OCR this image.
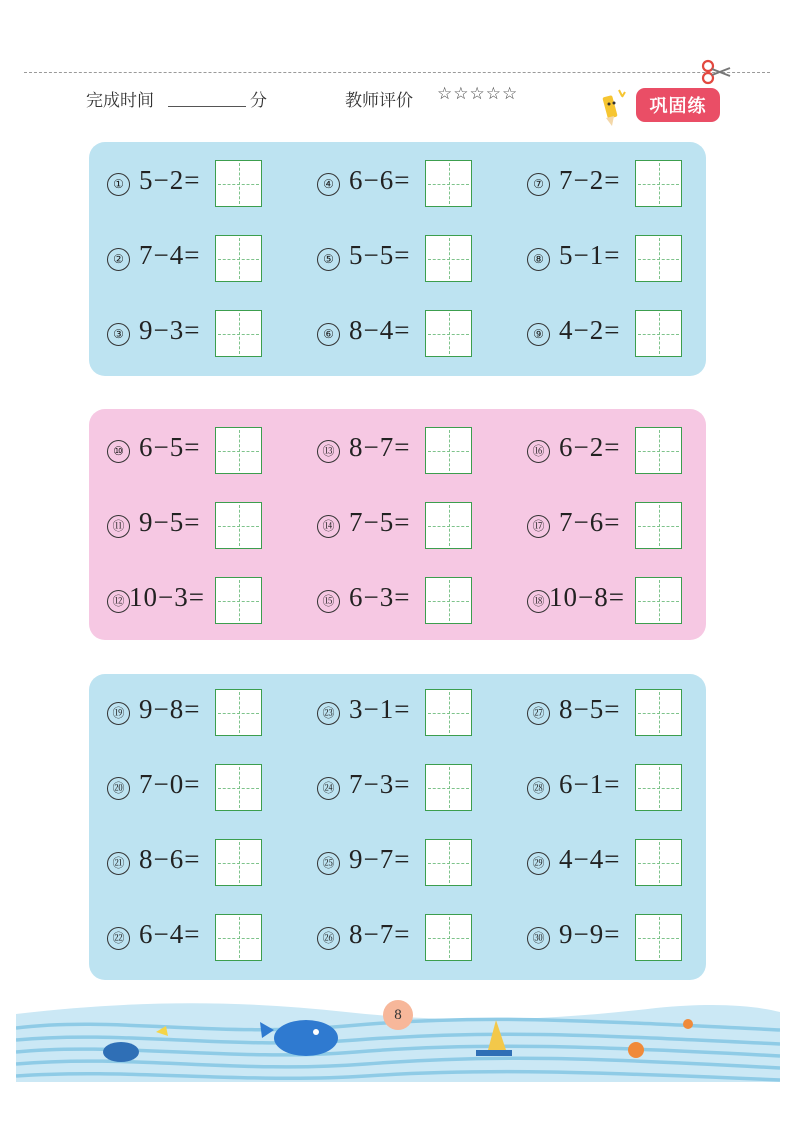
完成时间	分	教师评价 ☆☆☆☆☆
巩固练
① 5−2=	④ 6−6=	⑦ 7−2=
② 7−4=	⑤ 5−5=	⑧ 5−1=
③ 9−3=	⑥ 8−4=	⑨ 4−2=
⑩ 6−5=	⑬ 8−7=	⑯ 6−2=
⑪ 9−5=	⑭ 7−5=	⑰ 7−6=
⑫ 10−3=	⑮ 6−3=	⑱ 10−8=
⑲ 9−8=	㉓ 3−1=	㉗ 8−5=
⑳ 7−0=	㉔ 7−3=	㉘ 6−1=
㉑ 8−6=	㉕ 9−7=	㉙ 4−4=
㉒ 6−4=	㉖ 8−7=	㉚ 9−9=
8
